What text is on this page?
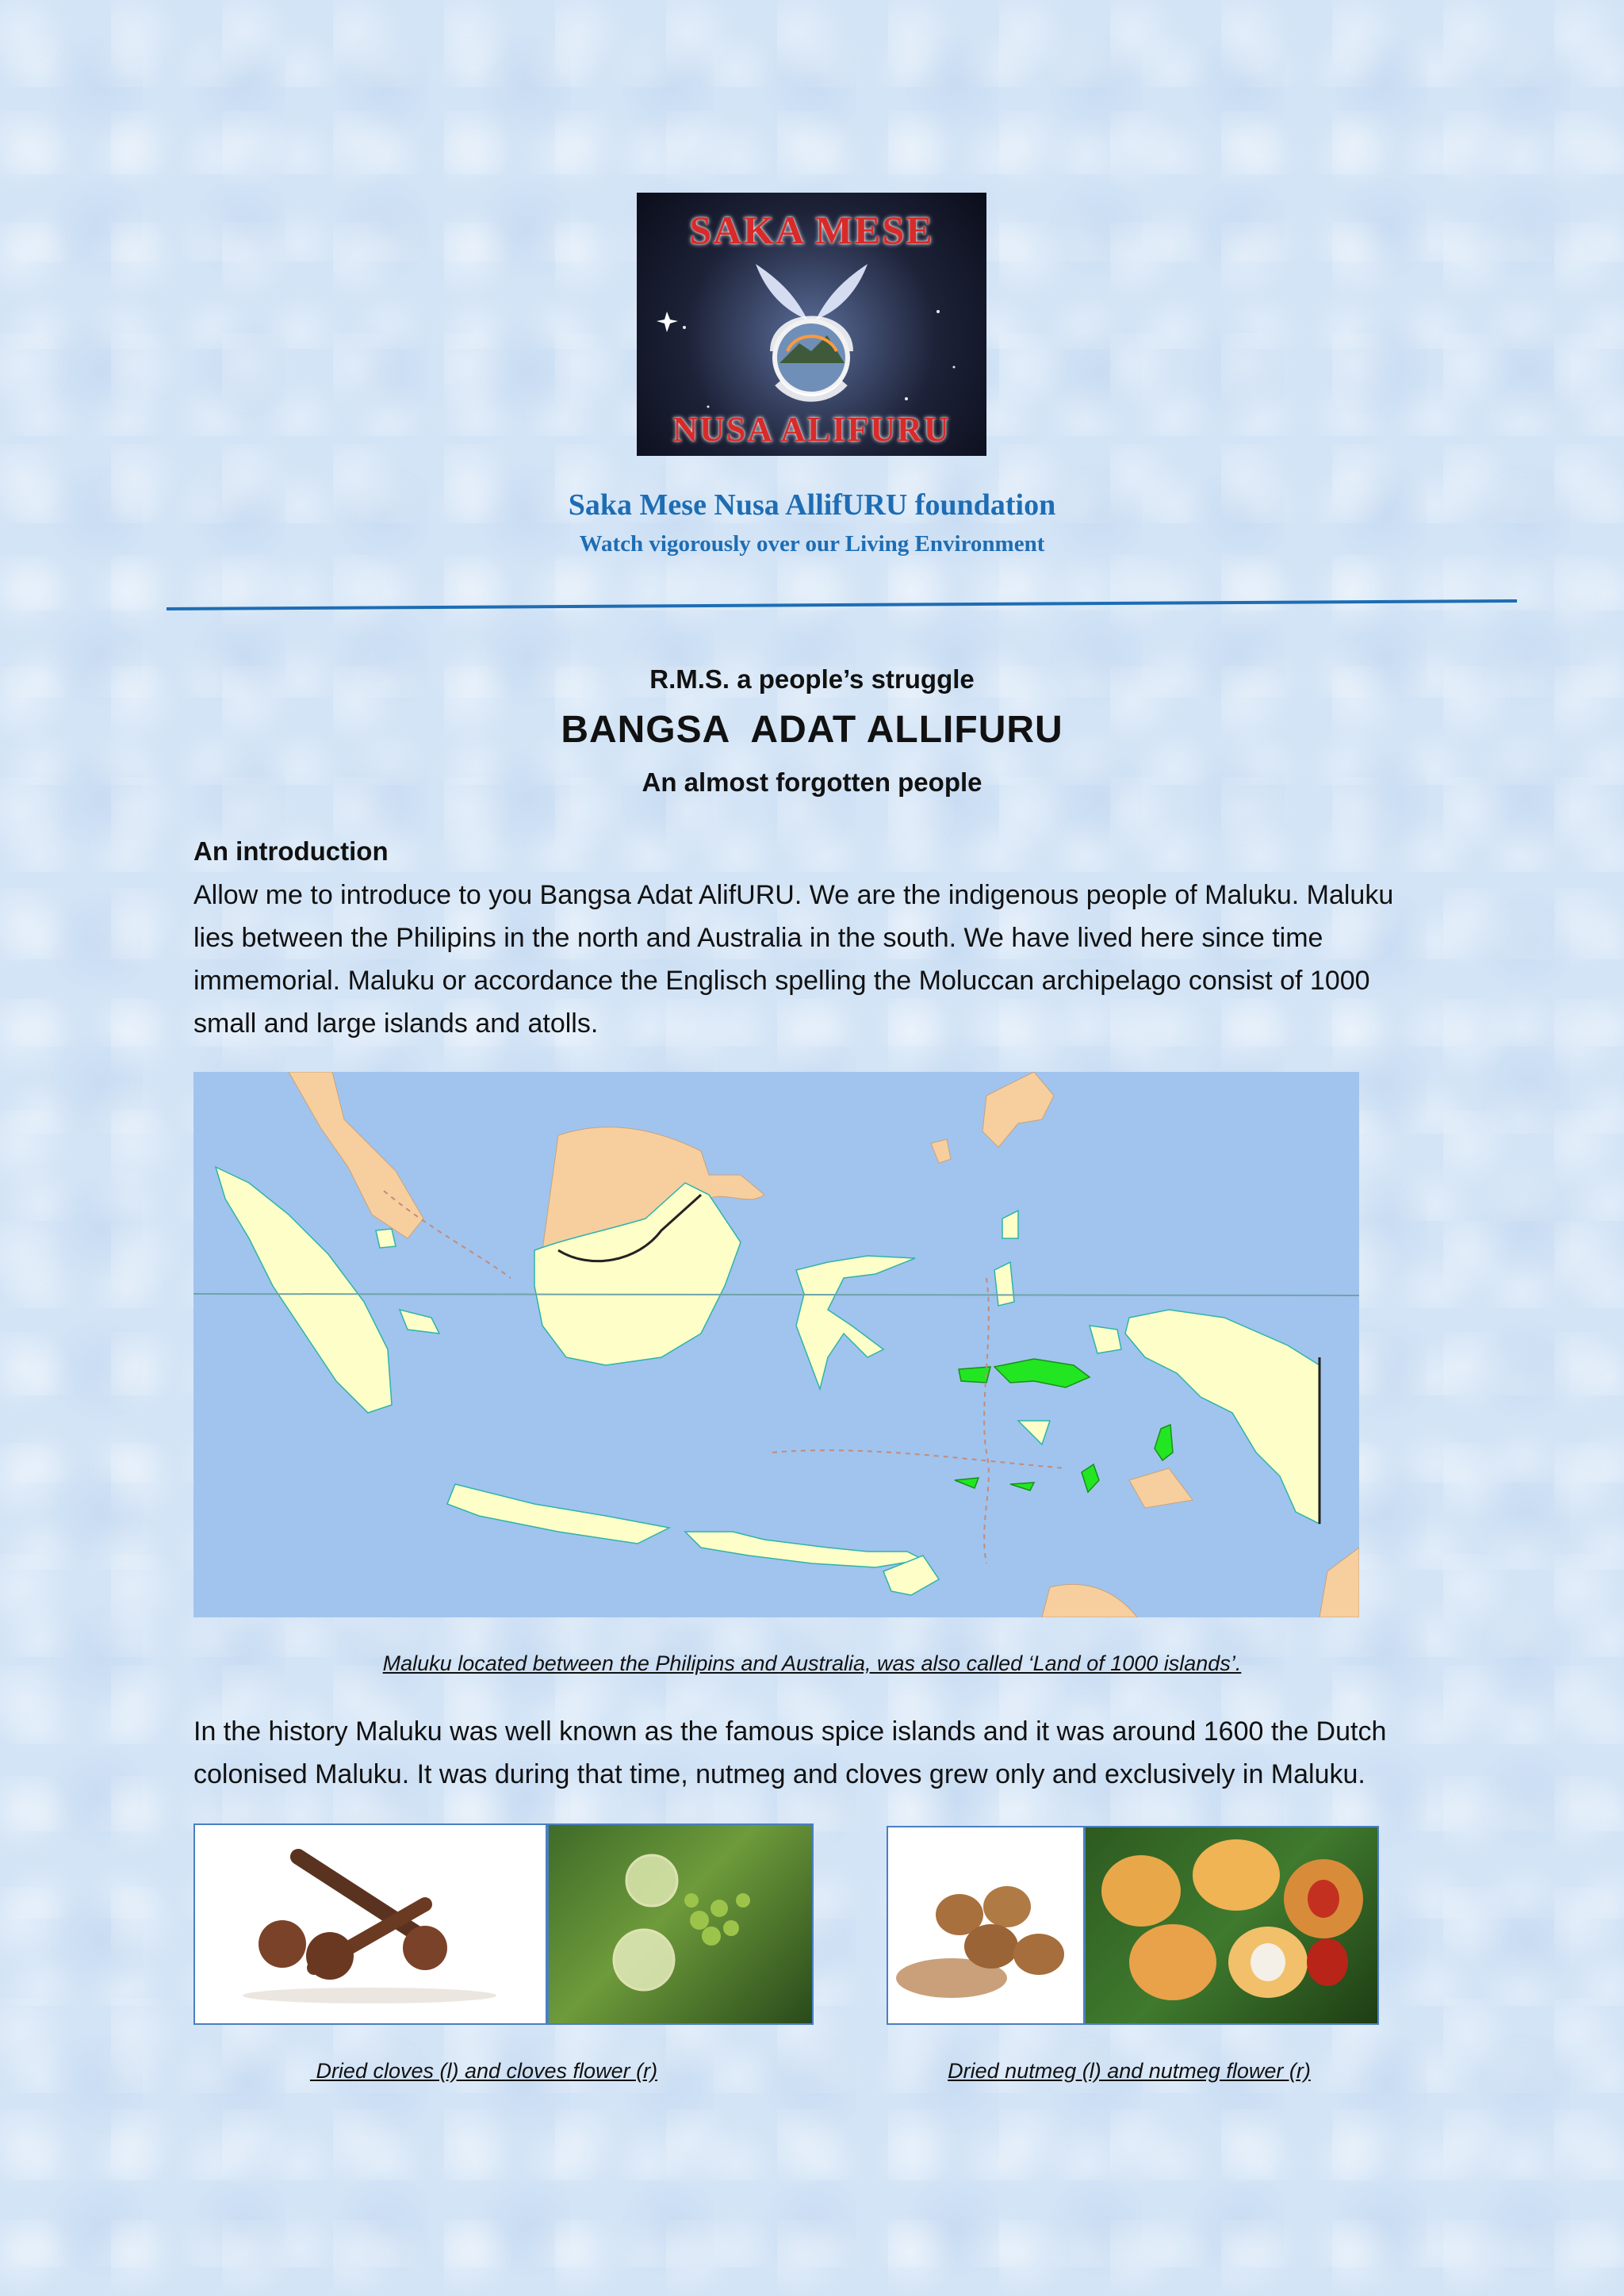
SAKA MESE
NUSA ALIFURU
Saka Mese Nusa AllifURU foundation
Watch vigorously over our Living Environment
R.M.S. a people’s struggle
BANGSA  ADAT ALLIFURU
An almost forgotten people
An introduction
Allow me to introduce to you Bangsa Adat AlifURU. We are the indigenous people of Maluku. Maluku lies between the Philipins in the north and Australia in the south. We have lived here since time immemorial. Maluku or accordance the Englisch spelling the Moluccan archipelago consist of 1000 small and large islands and atolls.
Maluku located between the Philipins and Australia, was also called ‘Land of 1000 islands’.
In the history Maluku was well known as the famous spice islands and it was around 1600 the Dutch colonised Maluku. It was during that time, nutmeg and cloves grew only and exclusively in Maluku.
Dried cloves (l) and cloves flower (r)	Dried nutmeg (l) and nutmeg flower (r)
